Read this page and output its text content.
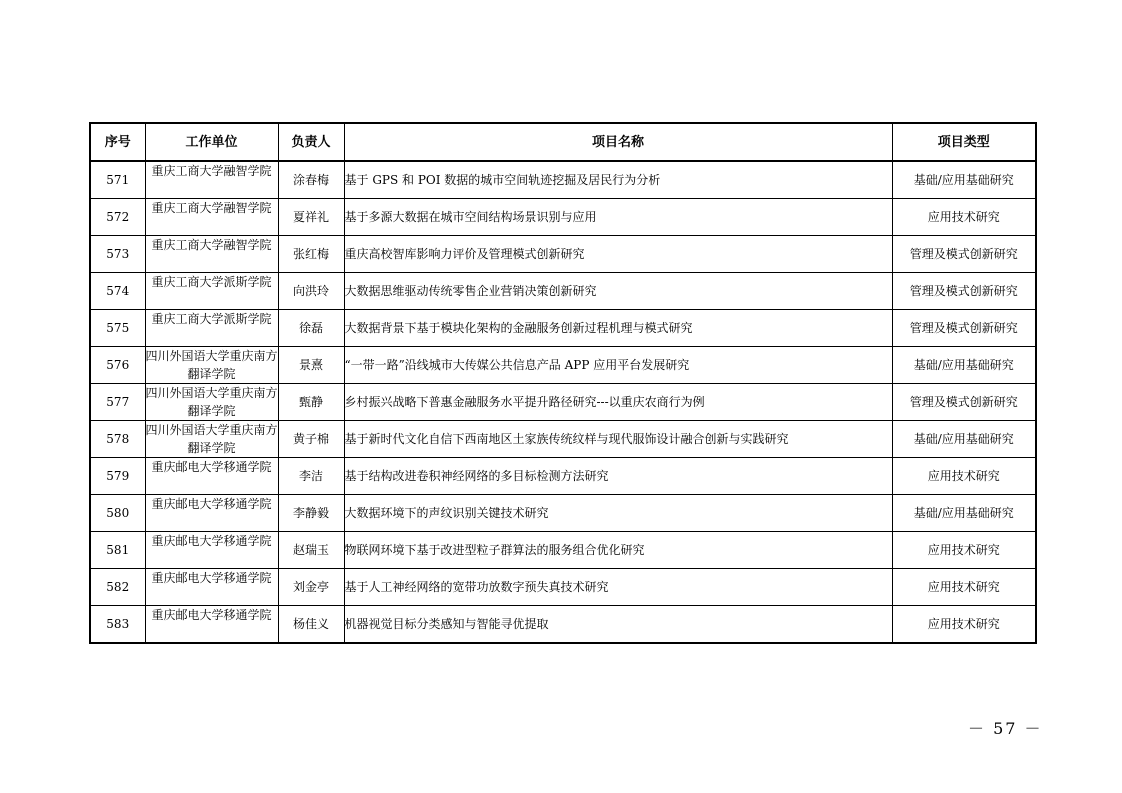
序号	工作单位	负责人	项目名称	项目类型
571	重庆工商大学融智学院	涂春梅	基于 GPS 和 POI 数据的城市空间轨迹挖掘及居民行为分析	基础/应用基础研究
572	重庆工商大学融智学院	夏祥礼	基于多源大数据在城市空间结构场景识别与应用	应用技术研究
573	重庆工商大学融智学院	张红梅	重庆高校智库影响力评价及管理模式创新研究	管理及模式创新研究
574	重庆工商大学派斯学院	向洪玲	大数据思维驱动传统零售企业营销决策创新研究	管理及模式创新研究
575	重庆工商大学派斯学院	徐磊	大数据背景下基于模块化架构的金融服务创新过程机理与模式研究	管理及模式创新研究
576	四川外国语大学重庆南方翻译学院	景熹	“一带一路”沿线城市大传媒公共信息产品 APP 应用平台发展研究	基础/应用基础研究
577	四川外国语大学重庆南方翻译学院	甄静	乡村振兴战略下普惠金融服务水平提升路径研究---以重庆农商行为例	管理及模式创新研究
578	四川外国语大学重庆南方翻译学院	黄子棉	基于新时代文化自信下西南地区土家族传统纹样与现代服饰设计融合创新与实践研究	基础/应用基础研究
579	重庆邮电大学移通学院	李洁	基于结构改进卷积神经网络的多目标检测方法研究	应用技术研究
580	重庆邮电大学移通学院	李静毅	大数据环境下的声纹识别关键技术研究	基础/应用基础研究
581	重庆邮电大学移通学院	赵瑞玉	物联网环境下基于改进型粒子群算法的服务组合优化研究	应用技术研究
582	重庆邮电大学移通学院	刘金亭	基于人工神经网络的宽带功放数字预失真技术研究	应用技术研究
583	重庆邮电大学移通学院	杨佳义	机器视觉目标分类感知与智能寻优提取	应用技术研究
－ 57 －
